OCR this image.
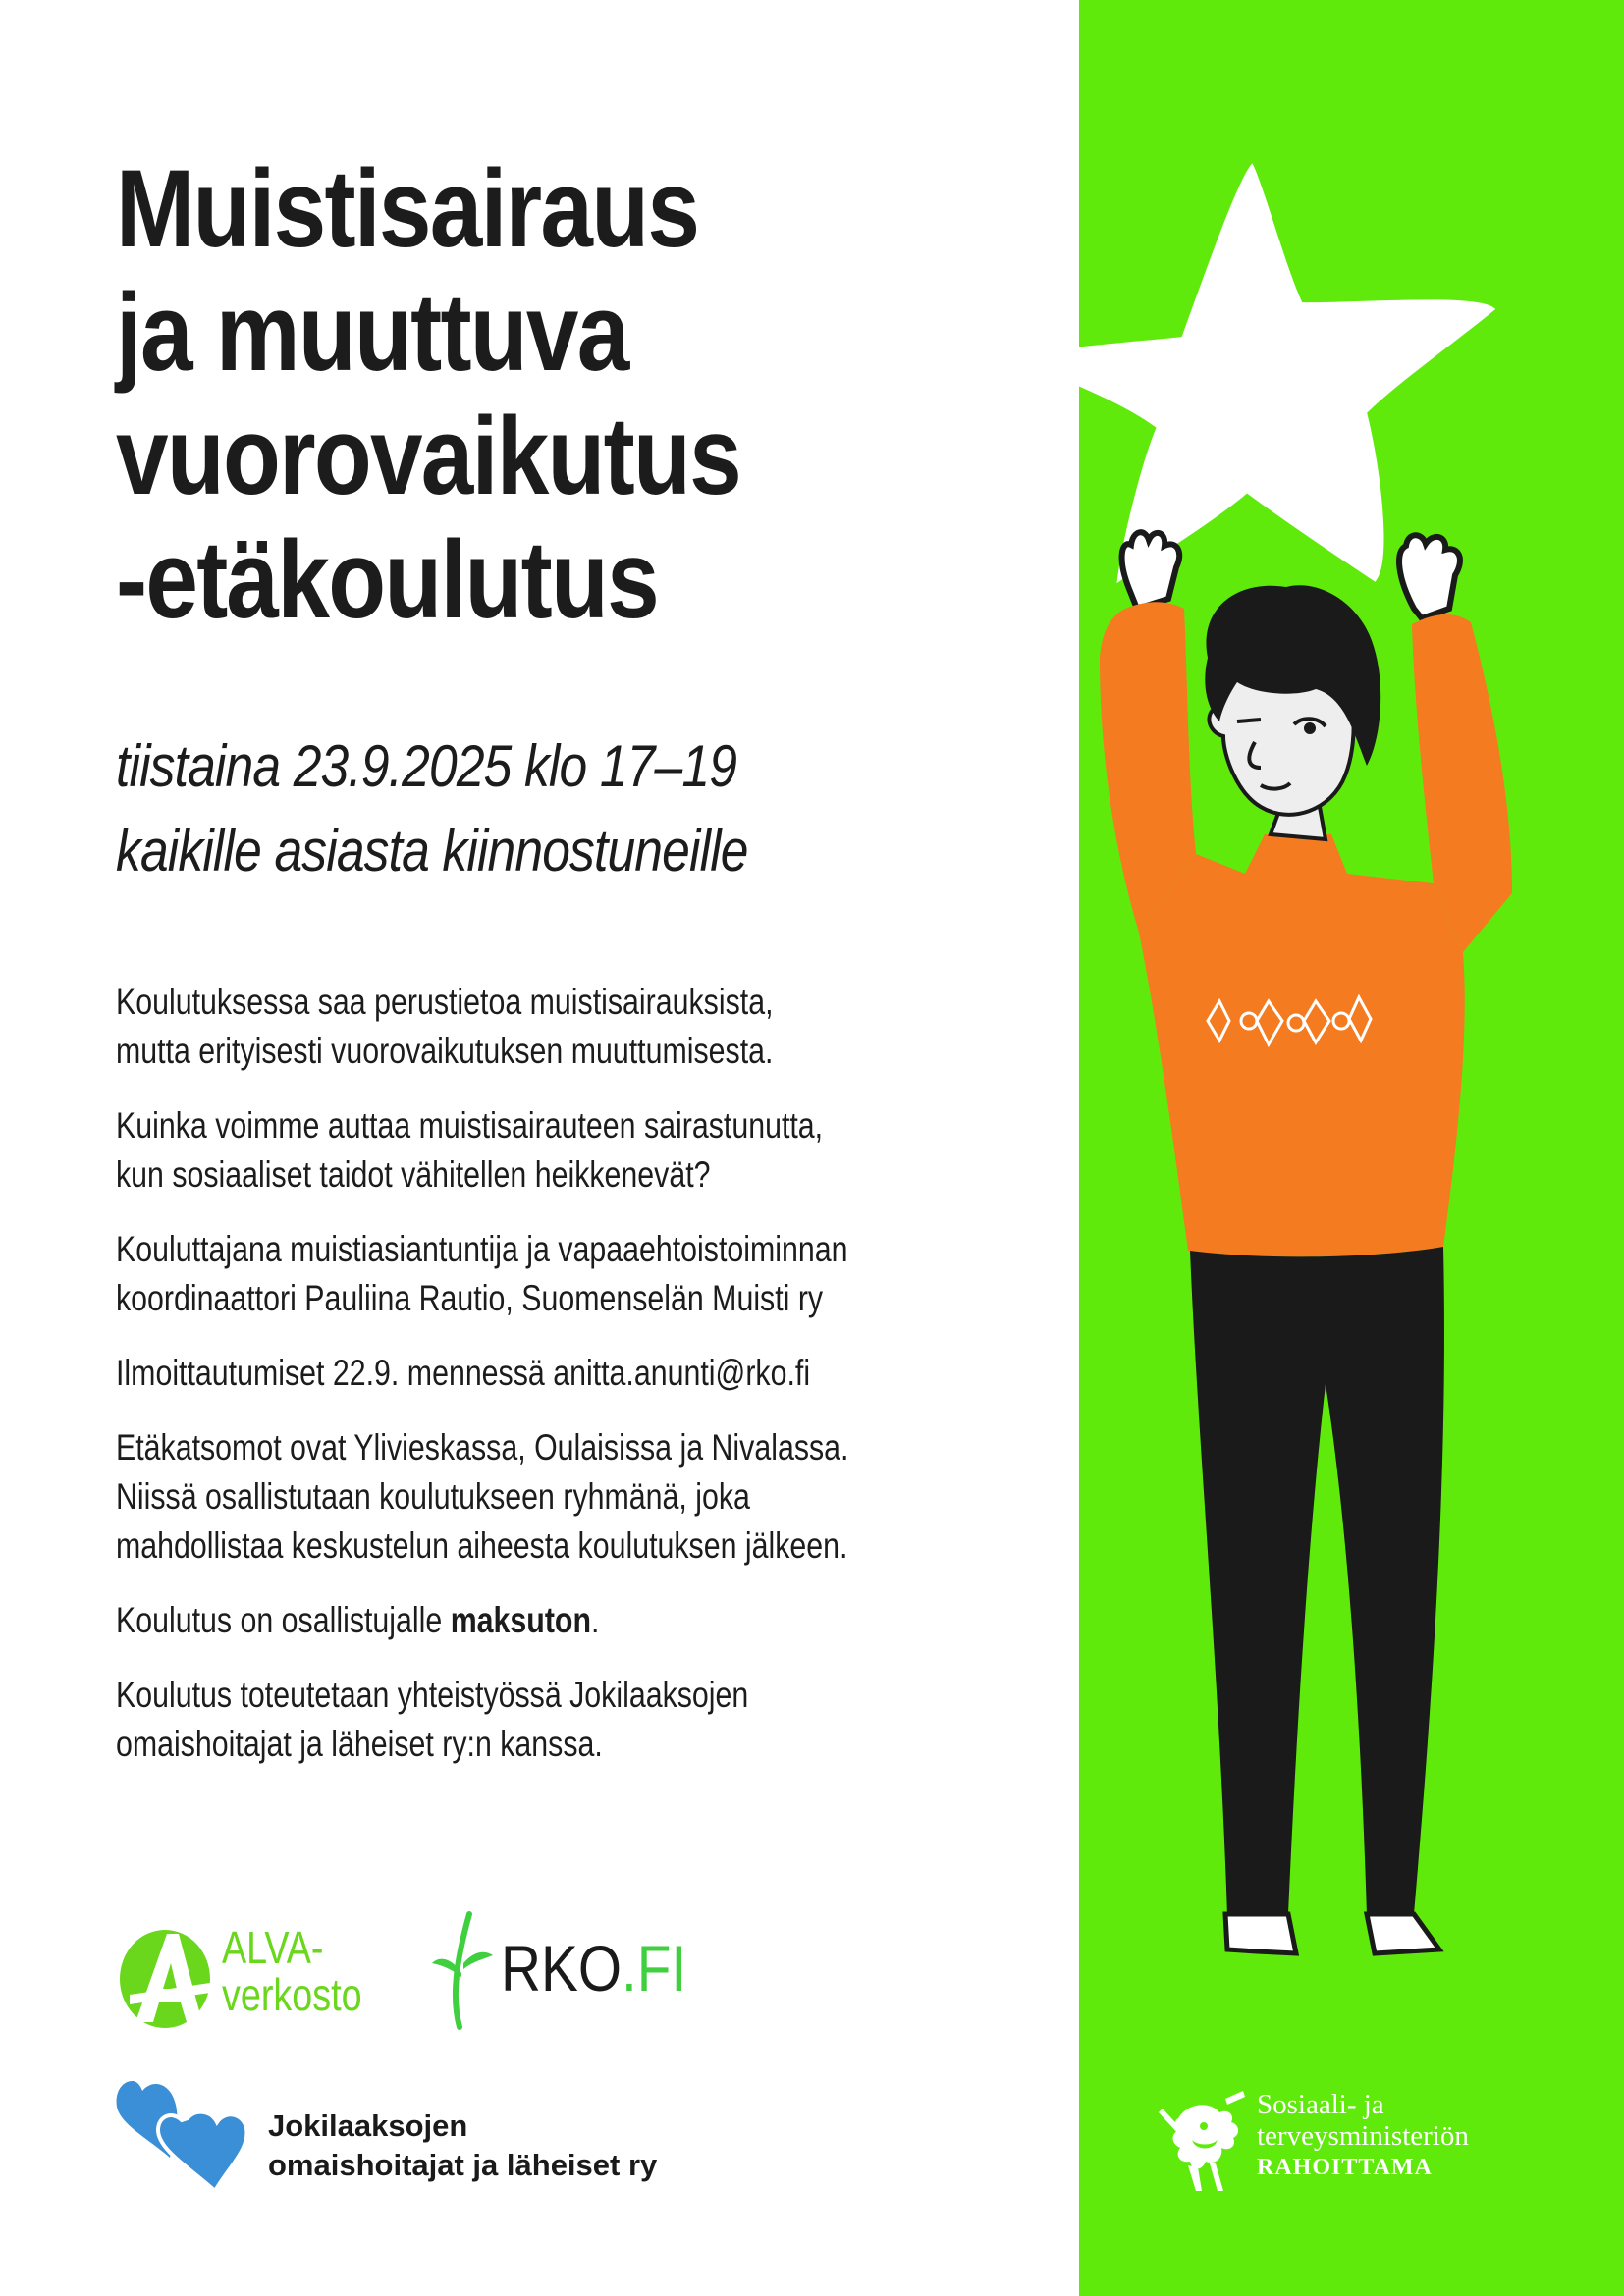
Muistisairaus
ja muuttuva
vuorovaikutus
-etäkoulutus
tiistaina 23.9.2025 klo 17–19
kaikille asiasta kiinnostuneille

Koulutuksessa saa perustietoa muistisairauksista,
mutta erityisesti vuorovaikutuksen muuttumisesta.

Kuinka voimme auttaa muistisairauteen sairastunutta,
kun sosiaaliset taidot vähitellen heikkenevät?

Kouluttajana muistiasiantuntija ja vapaaehtoistoiminnan
koordinaattori Pauliina Rautio, Suomenselän Muisti ry

Ilmoittautumiset 22.9. mennessä anitta.anunti@rko.fi

Etäkatsomot ovat Ylivieskassa, Oulaisissa ja Nivalassa.
Niissä osallistutaan koulutukseen ryhmänä, joka
mahdollistaa keskustelun aiheesta koulutuksen jälkeen.

Koulutus on osallistujalle maksuton.

Koulutus toteutetaan yhteistyössä Jokilaaksojen
omaishoitajat ja läheiset ry:n kanssa.

ALVA-
verkosto RKO.FI
Jokilaaksojen
omaishoitajat ja läheiset ry
Sosiaali- ja
terveysministeriön
RAHOITTAMA
